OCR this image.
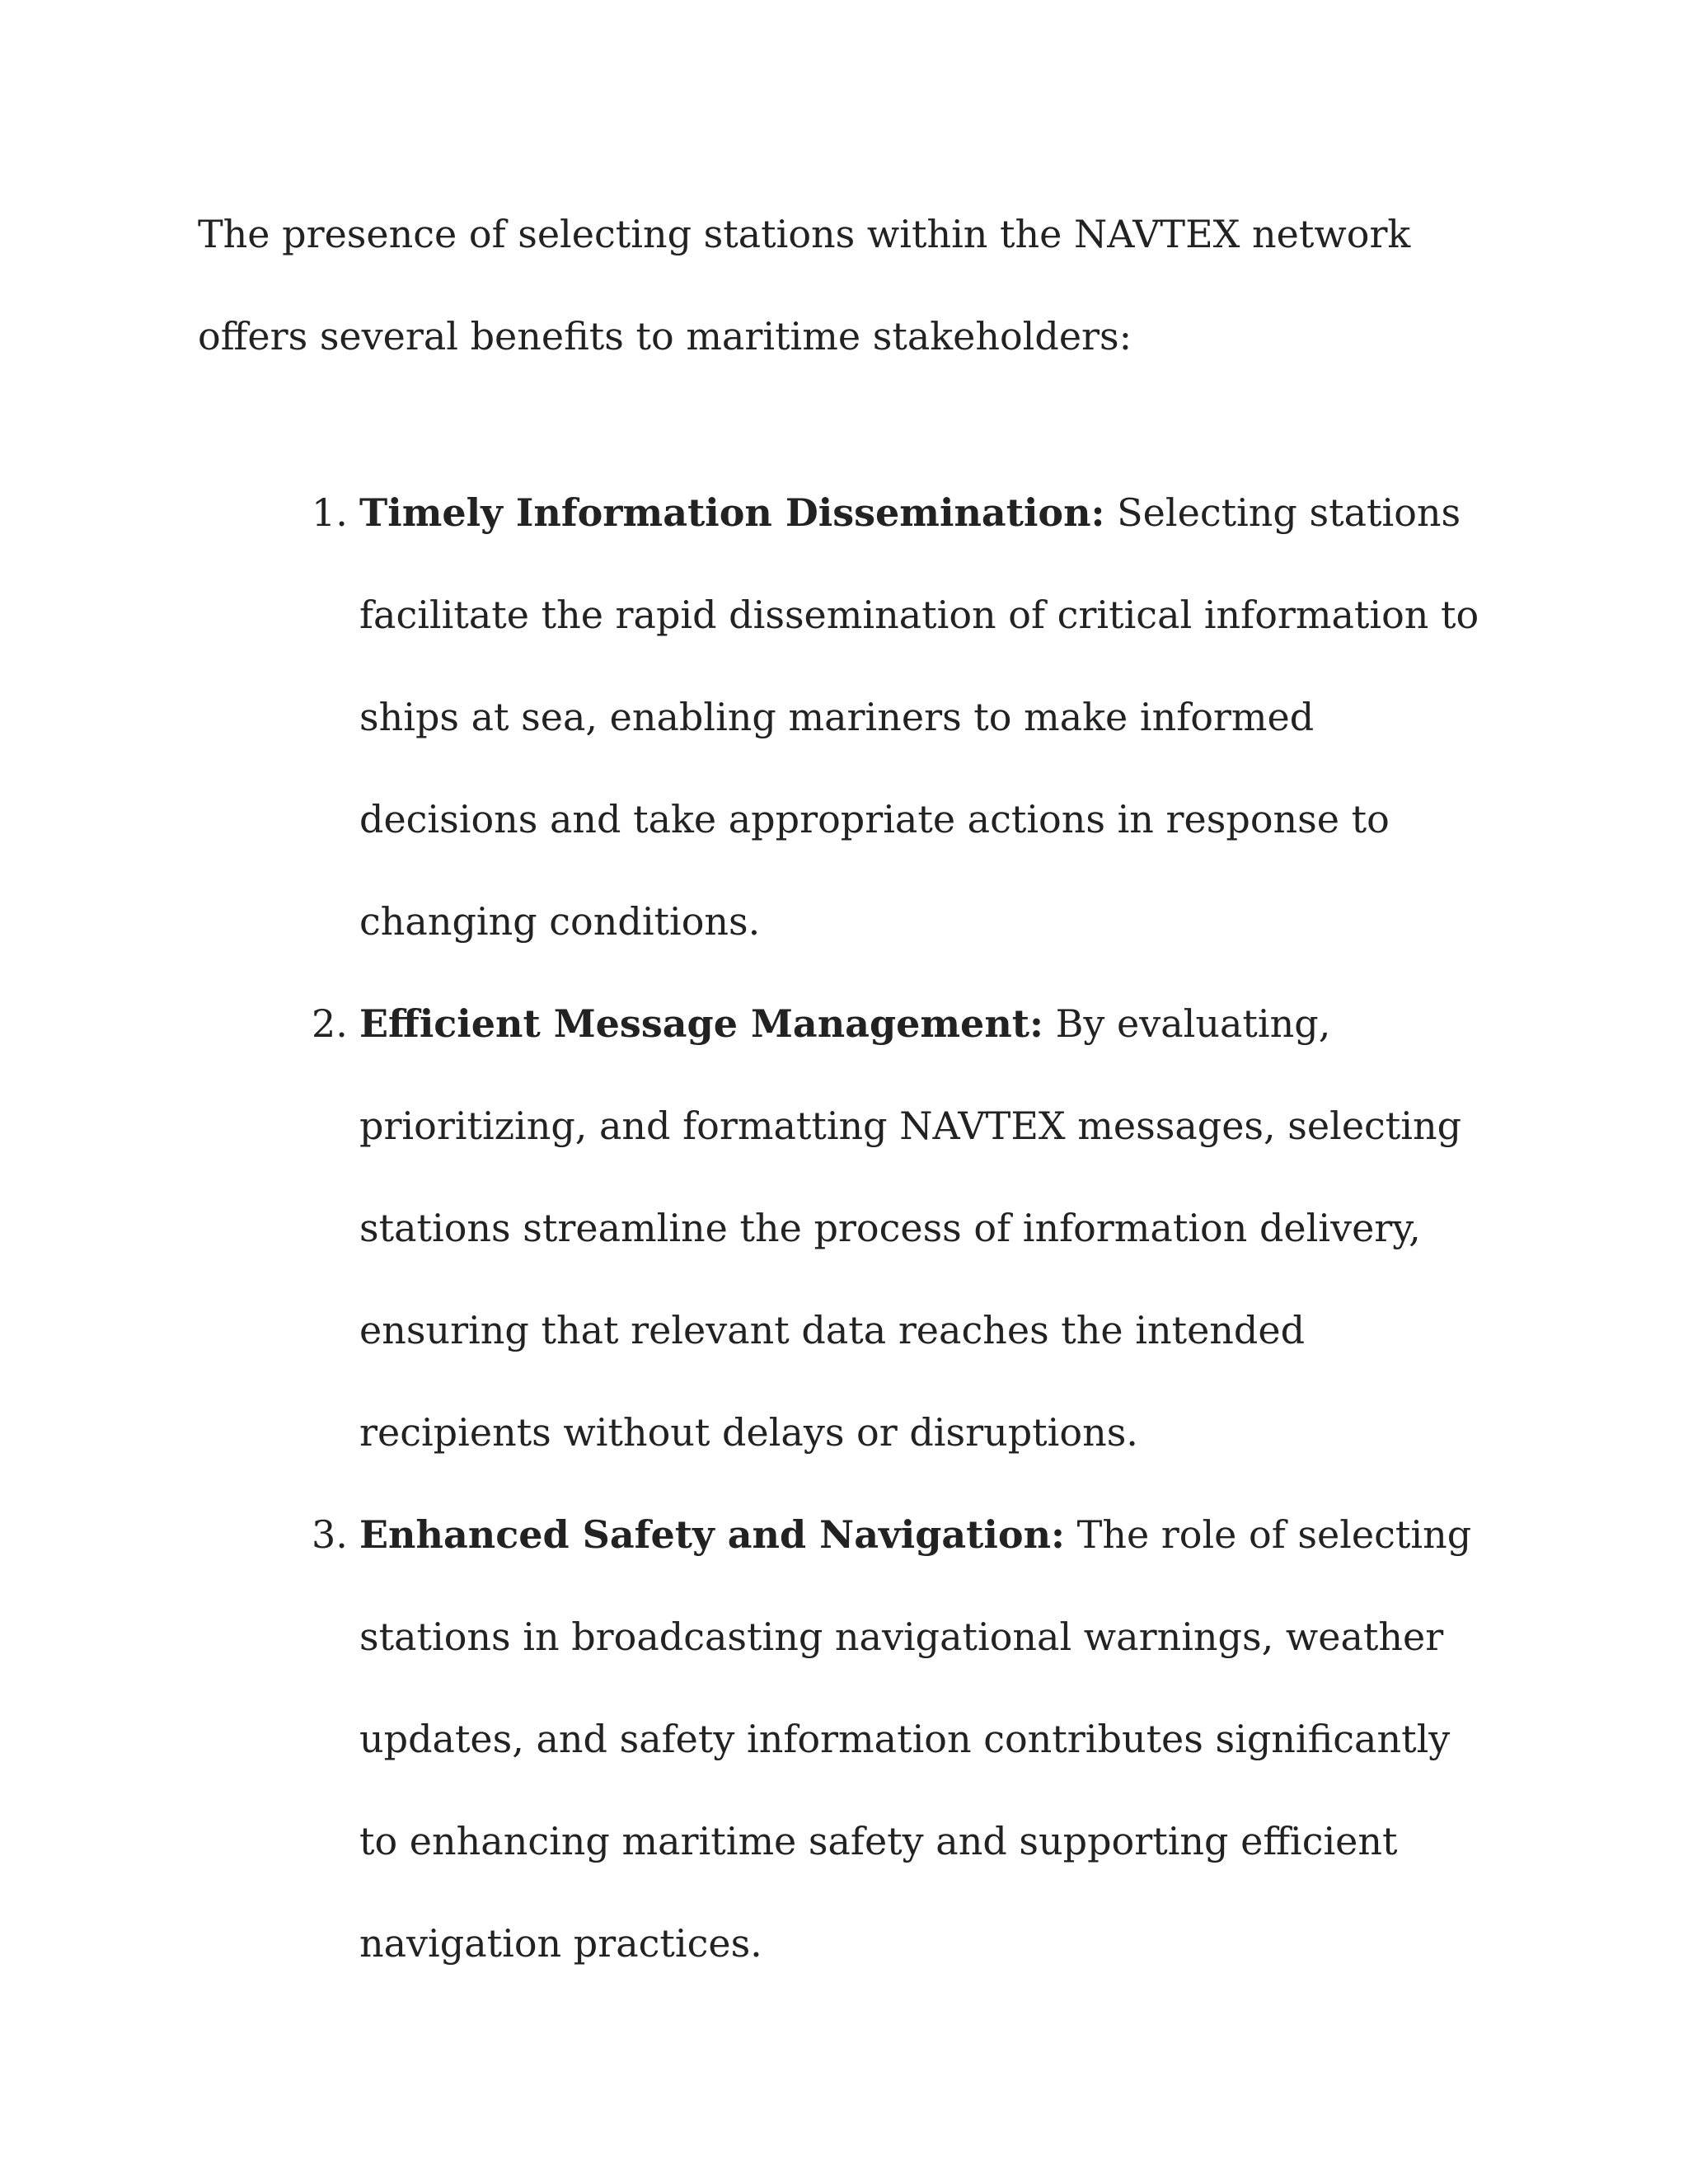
The presence of selecting stations within the NAVTEX network offers several benefits to maritime stakeholders:

1. Timely Information Dissemination: Selecting stations facilitate the rapid dissemination of critical information to ships at sea, enabling mariners to make informed decisions and take appropriate actions in response to changing conditions.
2. Efficient Message Management: By evaluating, prioritizing, and formatting NAVTEX messages, selecting stations streamline the process of information delivery, ensuring that relevant data reaches the intended recipients without delays or disruptions.
3. Enhanced Safety and Navigation: The role of selecting stations in broadcasting navigational warnings, weather updates, and safety information contributes significantly to enhancing maritime safety and supporting efficient navigation practices.
